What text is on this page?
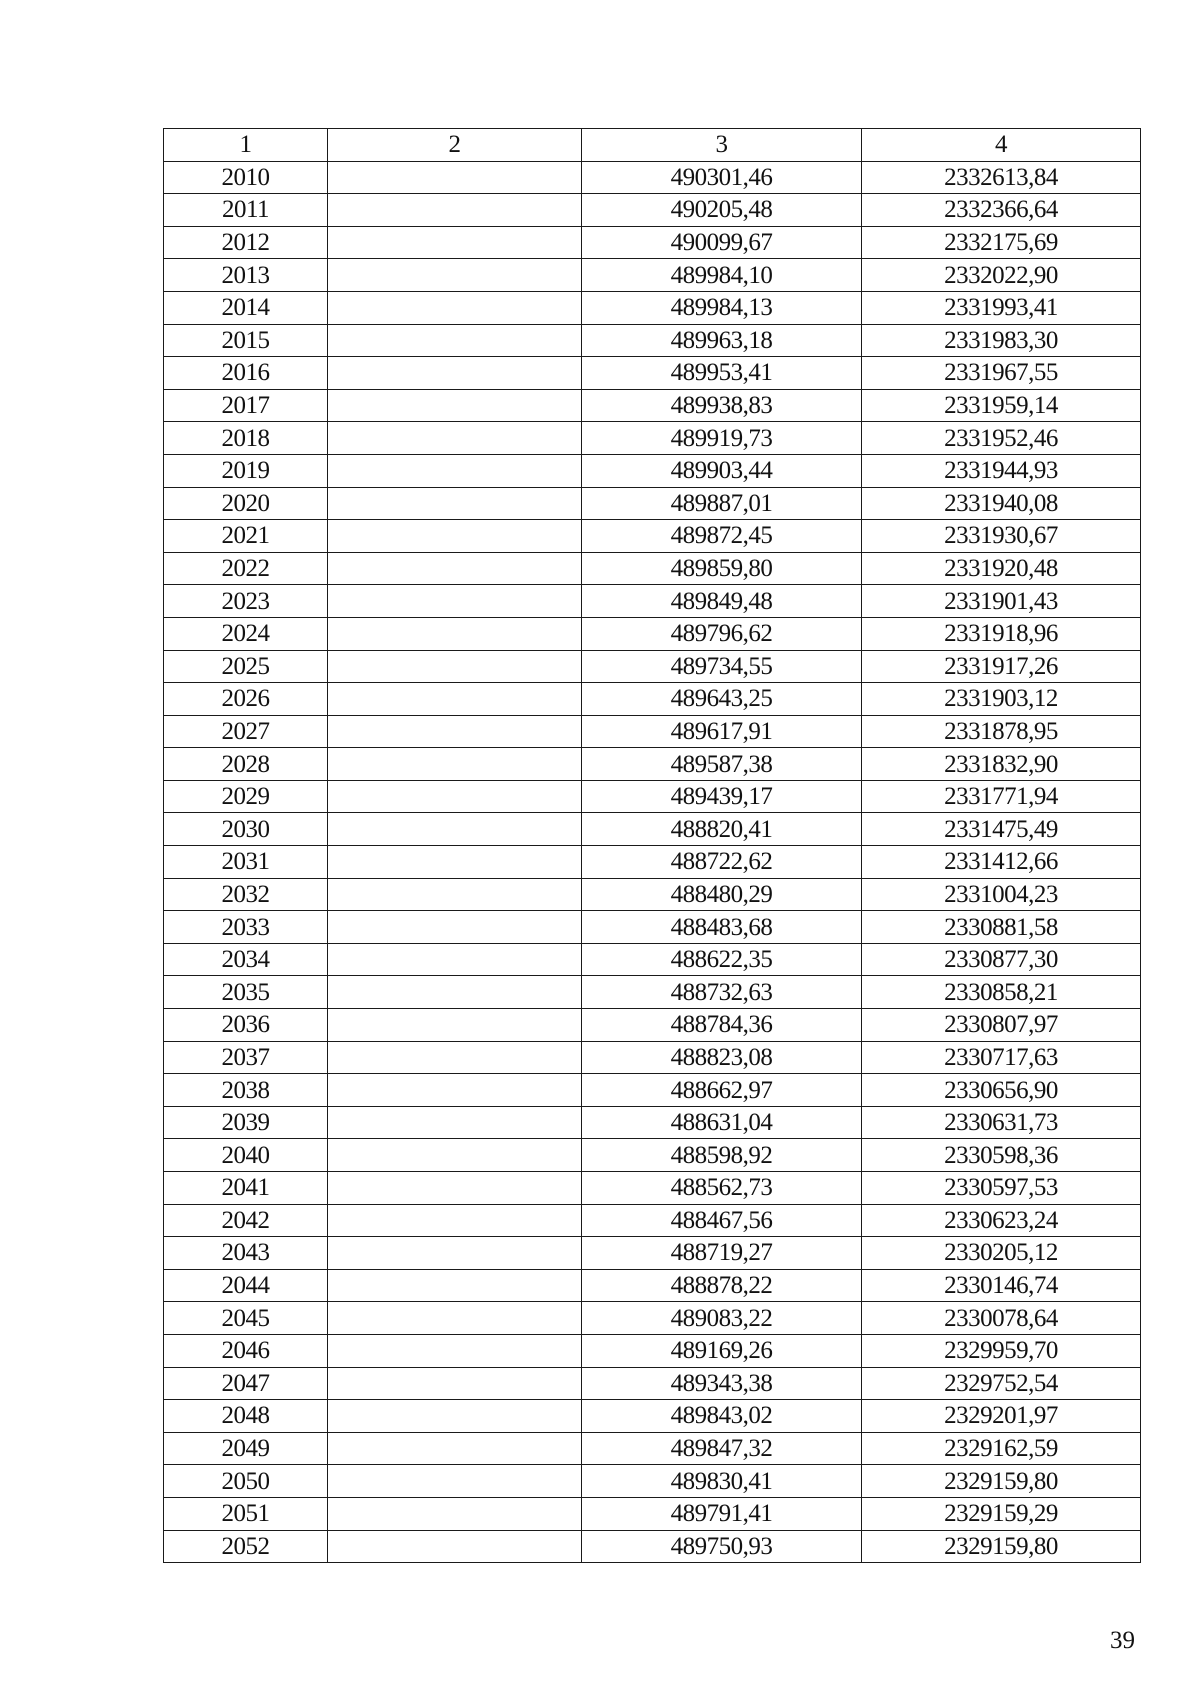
1	2	3	4
2010		490301,46	2332613,84
2011		490205,48	2332366,64
2012		490099,67	2332175,69
2013		489984,10	2332022,90
2014		489984,13	2331993,41
2015		489963,18	2331983,30
2016		489953,41	2331967,55
2017		489938,83	2331959,14
2018		489919,73	2331952,46
2019		489903,44	2331944,93
2020		489887,01	2331940,08
2021		489872,45	2331930,67
2022		489859,80	2331920,48
2023		489849,48	2331901,43
2024		489796,62	2331918,96
2025		489734,55	2331917,26
2026		489643,25	2331903,12
2027		489617,91	2331878,95
2028		489587,38	2331832,90
2029		489439,17	2331771,94
2030		488820,41	2331475,49
2031		488722,62	2331412,66
2032		488480,29	2331004,23
2033		488483,68	2330881,58
2034		488622,35	2330877,30
2035		488732,63	2330858,21
2036		488784,36	2330807,97
2037		488823,08	2330717,63
2038		488662,97	2330656,90
2039		488631,04	2330631,73
2040		488598,92	2330598,36
2041		488562,73	2330597,53
2042		488467,56	2330623,24
2043		488719,27	2330205,12
2044		488878,22	2330146,74
2045		489083,22	2330078,64
2046		489169,26	2329959,70
2047		489343,38	2329752,54
2048		489843,02	2329201,97
2049		489847,32	2329162,59
2050		489830,41	2329159,80
2051		489791,41	2329159,29
2052		489750,93	2329159,80
39
